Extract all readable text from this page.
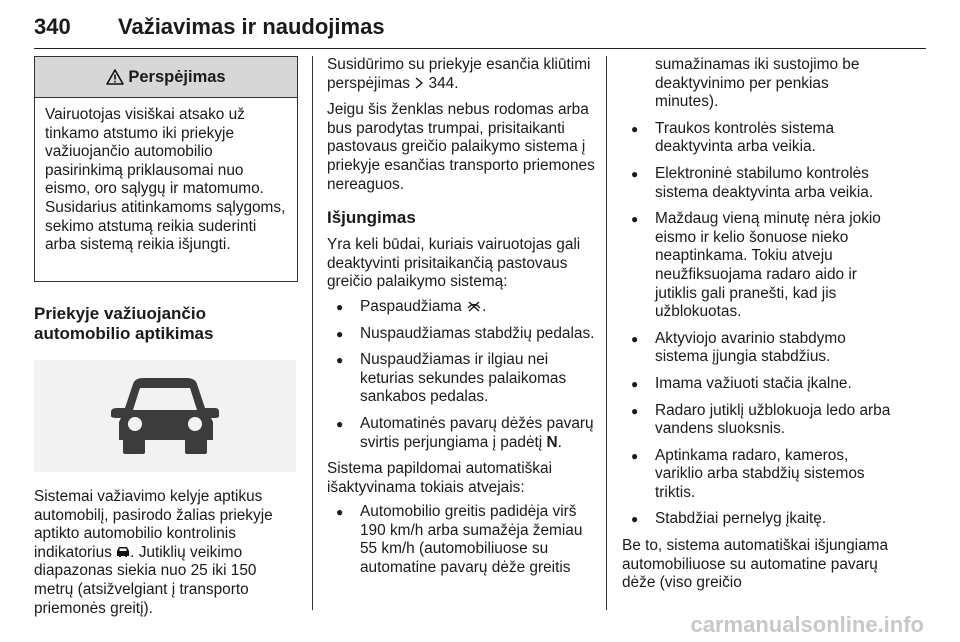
340 Važiavimas ir naudojimas
Perspėjimas
Vairuotojas visiškai atsako už tinkamo atstumo iki priekyje važiuojančio automobilio pasirinkimą priklausomai nuo eismo, oro sąlygų ir matomumo. Susidarius atitinkamoms sąlygoms, sekimo atstumą reikia suderinti arba sistemą reikia išjungti.
Priekyje važiuojančio automobilio aptikimas

Sistemai važiavimo kelyje aptikus automobilį, pasirodo žalias priekyje aptikto automobilio kontrolinis indikatorius . Jutiklių veikimo diapazonas siekia nuo 25 iki 150 metrų (atsižvelgiant į transporto priemonės greitį).

Susidūrimo su priekyje esančia kliūtimi perspėjimas 344.

Jeigu šis ženklas nebus rodomas arba bus parodytas trumpai, prisitaikanti pastovaus greičio palaikymo sistema į priekyje esančias transporto priemones nereaguos.

Išjungimas

Yra keli būdai, kuriais vairuotojas gali deaktyvinti prisitaikančią pastovaus greičio palaikymo sistemą:

● Paspaudžiama .
● Nuspaudžiamas stabdžių pedalas.
● Nuspaudžiamas ir ilgiau nei keturias sekundes palaikomas sankabos pedalas.
● Automatinės pavarų dėžės pavarų svirtis perjungiama į padėtį N.

Sistema papildomai automatiškai išaktyvinama tokiais atvejais:

● Automobilio greitis padidėja virš 190 km/h arba sumažėja žemiau 55 km/h (automobiliuose su automatine pavarų dėže greitis

sumažinamas iki sustojimo be deaktyvinimo per penkias minutes).

● Traukos kontrolės sistema deaktyvinta arba veikia.
● Elektroninė stabilumo kontrolės sistema deaktyvinta arba veikia.
● Maždaug vieną minutę nėra jokio eismo ir kelio šonuose nieko neaptinkama. Tokiu atveju neužfiksuojama radaro aido ir jutiklis gali pranešti, kad jis užblokuotas.
● Aktyviojo avarinio stabdymo sistema įjungia stabdžius.
● Imama važiuoti stačia įkalne.
● Radaro jutiklį užblokuoja ledo arba vandens sluoksnis.
● Aptinkama radaro, kameros, variklio arba stabdžių sistemos triktis.
● Stabdžiai pernelyg įkaitę.

Be to, sistema automatiškai išjungiama automobiliuose su automatine pavarų dėže (viso greičio

carmanualsonline.info
